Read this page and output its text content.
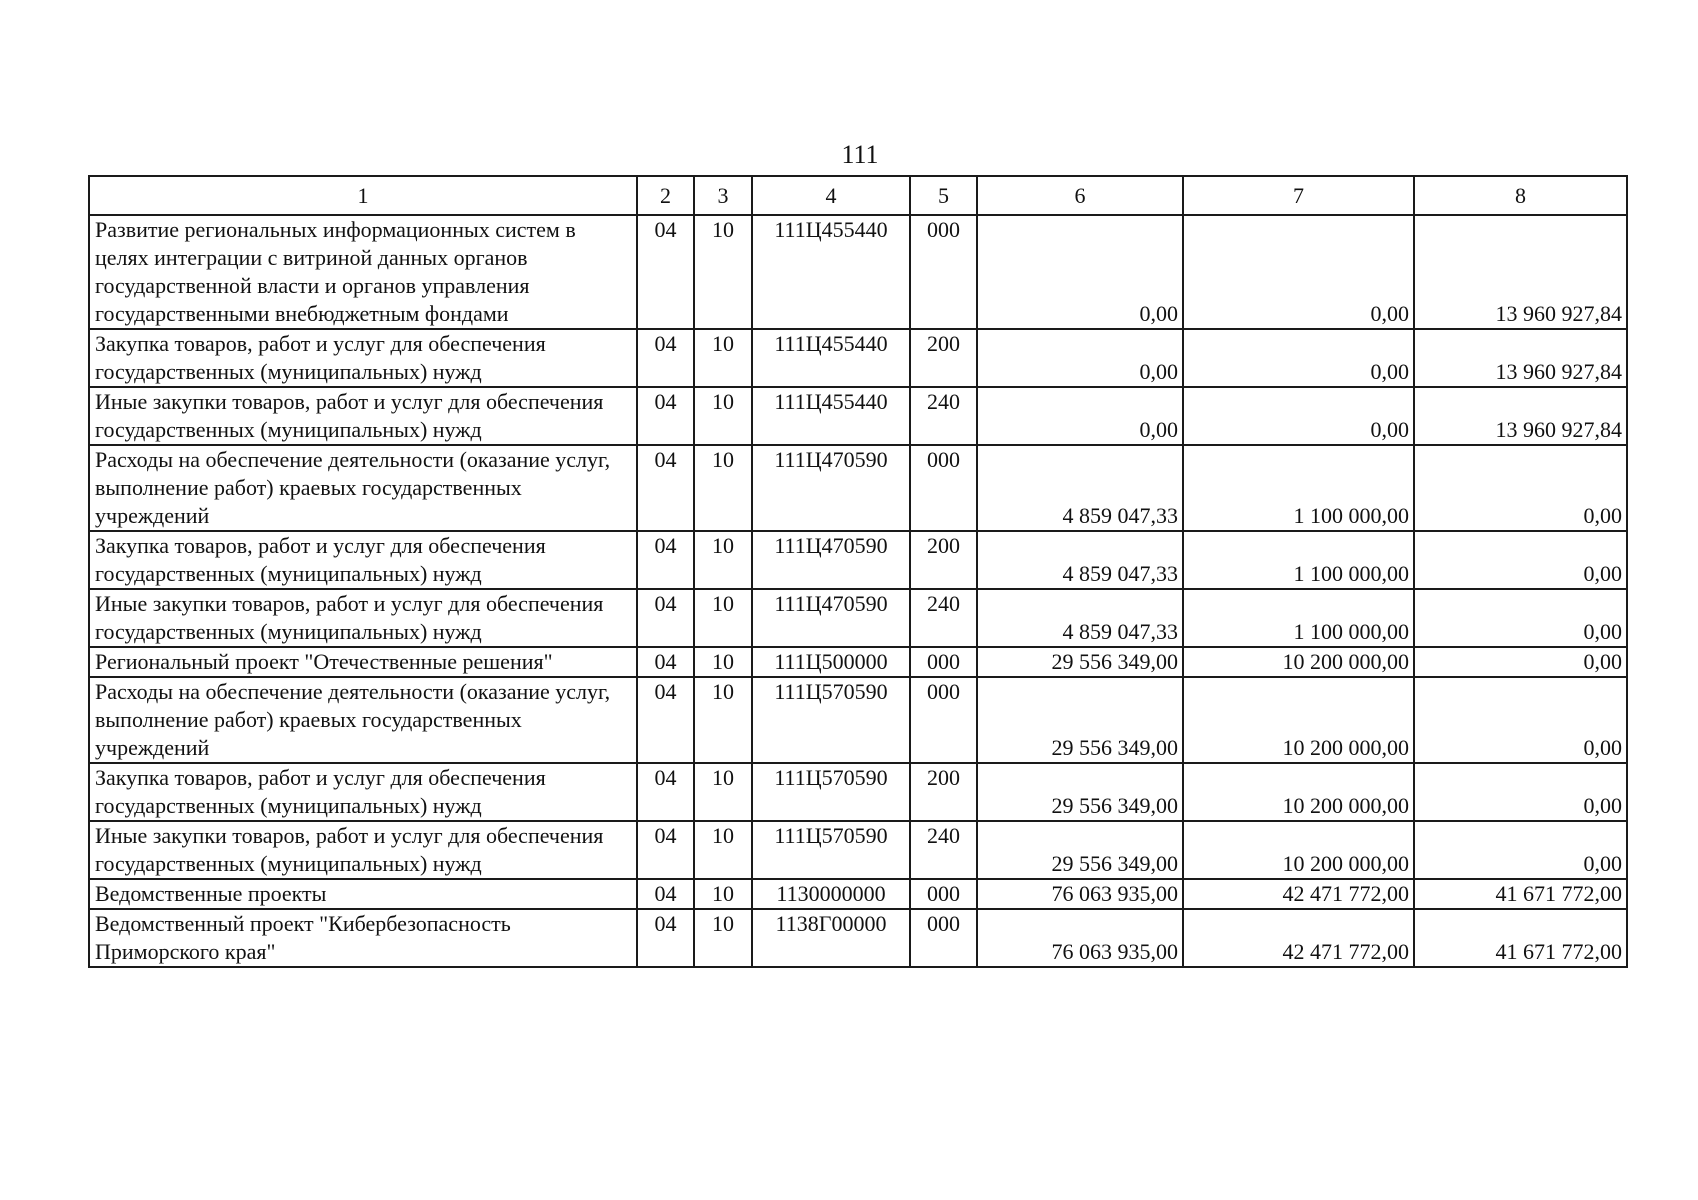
111
1	2	3	4	5	6	7	8
Развитие региональных информационных систем в целях интеграции с витриной данных органов государственной власти и органов управления государственными внебюджетным фондами	04	10	111Ц455440	000	0,00	0,00	13 960 927,84
Закупка товаров, работ и услуг для обеспечения государственных (муниципальных) нужд	04	10	111Ц455440	200	0,00	0,00	13 960 927,84
Иные закупки товаров, работ и услуг для обеспечения государственных (муниципальных) нужд	04	10	111Ц455440	240	0,00	0,00	13 960 927,84
Расходы на обеспечение деятельности (оказание услуг, выполнение работ) краевых государственных учреждений	04	10	111Ц470590	000	4 859 047,33	1 100 000,00	0,00
Закупка товаров, работ и услуг для обеспечения государственных (муниципальных) нужд	04	10	111Ц470590	200	4 859 047,33	1 100 000,00	0,00
Иные закупки товаров, работ и услуг для обеспечения государственных (муниципальных) нужд	04	10	111Ц470590	240	4 859 047,33	1 100 000,00	0,00
Региональный проект "Отечественные решения"	04	10	111Ц500000	000	29 556 349,00	10 200 000,00	0,00
Расходы на обеспечение деятельности (оказание услуг, выполнение работ) краевых государственных учреждений	04	10	111Ц570590	000	29 556 349,00	10 200 000,00	0,00
Закупка товаров, работ и услуг для обеспечения государственных (муниципальных) нужд	04	10	111Ц570590	200	29 556 349,00	10 200 000,00	0,00
Иные закупки товаров, работ и услуг для обеспечения государственных (муниципальных) нужд	04	10	111Ц570590	240	29 556 349,00	10 200 000,00	0,00
Ведомственные проекты	04	10	1130000000	000	76 063 935,00	42 471 772,00	41 671 772,00
Ведомственный проект "Кибербезопасность Приморского края"	04	10	1138Г00000	000	76 063 935,00	42 471 772,00	41 671 772,00
